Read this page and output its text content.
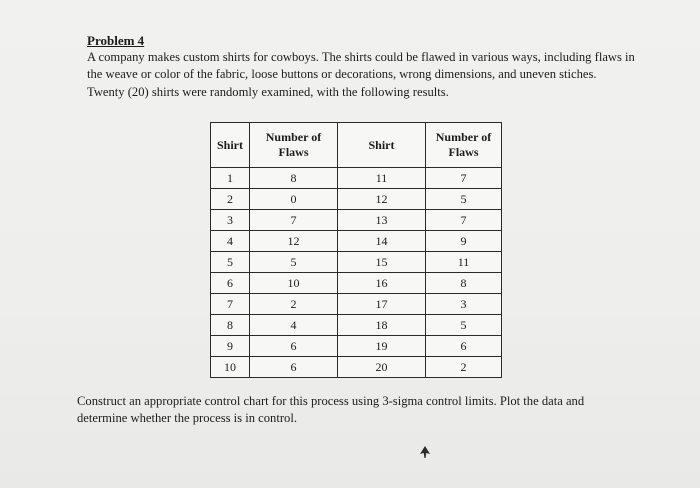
Problem 4

A company makes custom shirts for cowboys. The shirts could be flawed in various ways, including flaws in the weave or color of the fabric, loose buttons or decorations, wrong dimensions, and uneven stiches. Twenty (20) shirts were randomly examined, with the following results.

Shirt	Number of Flaws	Shirt	Number of Flaws
1	8	11	7
2	0	12	5
3	7	13	7
4	12	14	9
5	5	15	11
6	10	16	8
7	2	17	3
8	4	18	5
9	6	19	6
10	6	20	2

Construct an appropriate control chart for this process using 3-sigma control limits. Plot the data and determine whether the process is in control.
